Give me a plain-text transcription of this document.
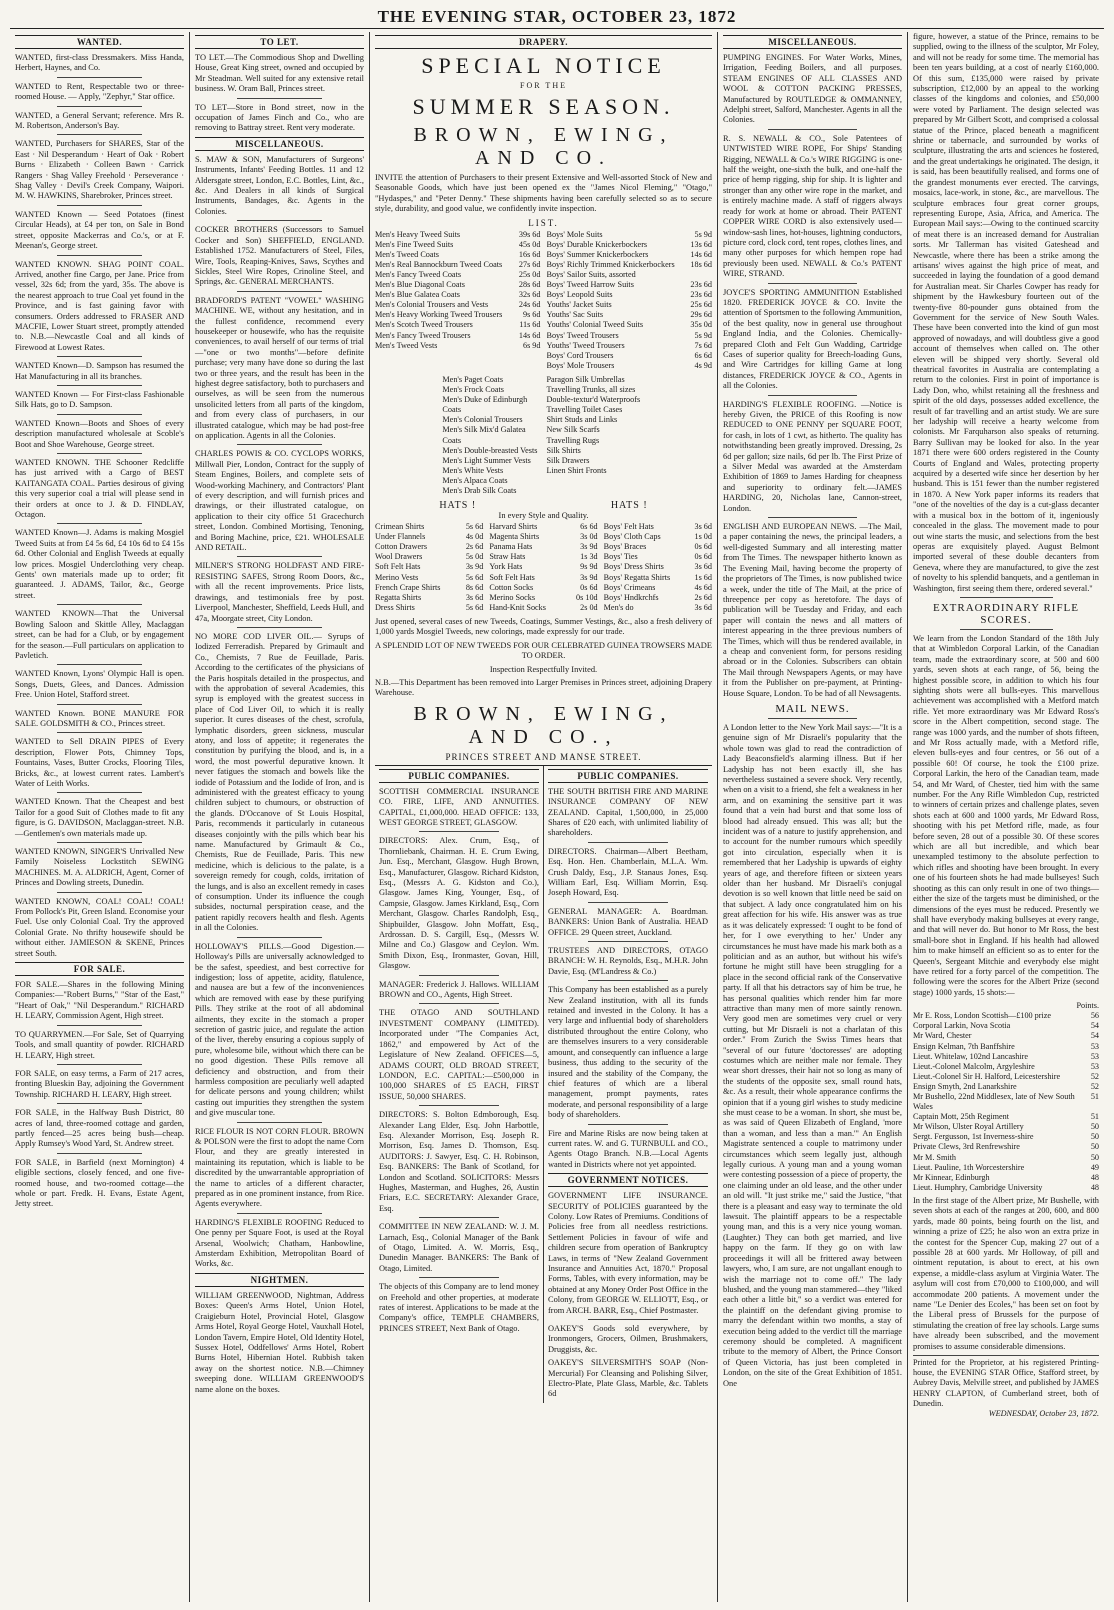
THE EVENING STAR, OCTOBER 23, 1872
WANTED.

WANTED, first-class Dressmakers. Miss Handa, Herbert, Haynes, and Co.

WANTED to Rent, Respectable two or three-roomed House. — Apply, "Zephyr," Star office.

WANTED, a General Servant; reference. Mrs R. M. Robertson, Anderson's Bay.

WANTED, Purchasers for SHARES, Star of the East · Nil Desperandum · Heart of Oak · Robert Burns · Elizabeth · Colleen Bawn · Carrick Rangers · Shag Valley Freehold · Perseverance · Shag Valley · Devil's Creek Company, Waipori. M. W. HAWKINS, Sharebroker, Princes street.

WANTED Known — Seed Potatoes (finest Circular Heads), at £4 per ton, on Sale in Bond street, opposite Mackerras and Co.'s, or at F. Meenan's, George street.

WANTED KNOWN. SHAG POINT COAL. Arrived, another fine Cargo, per Jane. Price from vessel, 32s 6d; from the yard, 35s. The above is the nearest approach to true Coal yet found in the Province, and is fast gaining favor with consumers. Orders addressed to FRASER AND MACFIE, Lower Stuart street, promptly attended to. N.B.—Newcastle Coal and all kinds of Firewood at Lowest Rates.

WANTED Known—D. Sampson has resumed the Hat Manufacturing in all its branches.

WANTED Known — For First-class Fashionable Silk Hats, go to D. Sampson.

WANTED Known—Boots and Shoes of every description manufactured wholesale at Scoble's Boot and Shoe Warehouse, George street.

WANTED KNOWN. THE Schooner Redcliffe has just arrived with a Cargo of BEST KAITANGATA COAL. Parties desirous of giving this very superior coal a trial will please send in their orders at once to J. & D. FINDLAY, Octagon.

WANTED Known—J. Adams is making Mosgiel Tweed Suits at from £4 5s 6d, £4 10s 6d to £4 15s 6d. Other Colonial and English Tweeds at equally low prices. Mosgiel Underclothing very cheap. Gents' own materials made up to order; fit guaranteed. J. ADAMS, Tailor, &c., George street.

WANTED KNOWN—That the Universal Bowling Saloon and Skittle Alley, Maclaggan street, can be had for a Club, or by engagement for the season.—Full particulars on application to Pavletich.

WANTED Known, Lyons' Olympic Hall is open. Songs, Duets, Glees, and Dances. Admission Free. Union Hotel, Stafford street.

WANTED Known. BONE MANURE FOR SALE. GOLDSMITH & CO., Princes street.

WANTED to Sell DRAIN PIPES of Every description, Flower Pots, Chimney Tops, Fountains, Vases, Butter Crocks, Flooring Tiles, Bricks, &c., at lowest current rates. Lambert's Water of Leith Works.

WANTED Known. That the Cheapest and best Tailor for a good Suit of Clothes made to fit any figure, is G. DAVIDSON, Maclaggan-street. N.B.—Gentlemen's own materials made up.

WANTED KNOWN, SINGER'S Unrivalled New Family Noiseless Lockstitch SEWING MACHINES. M. A. ALDRICH, Agent, Corner of Princes and Dowling streets, Dunedin.

WANTED KNOWN, COAL! COAL! COAL! From Pollock's Pit, Green Island. Economise your Fuel. Use only Colonial Coal. Try the approved Colonial Grate. No thrifty housewife should be without either. JAMIESON & SKENE, Princes street South.

FOR SALE.

FOR SALE.—Shares in the following Mining Companies:—"Robert Burns," "Star of the East," "Heart of Oak," "Nil Desperandum." RICHARD H. LEARY, Commission Agent, High street.

TO QUARRYMEN.—For Sale, Set of Quarrying Tools, and small quantity of powder. RICHARD H. LEARY, High street.

FOR SALE, on easy terms, a Farm of 217 acres, fronting Blueskin Bay, adjoining the Government Township. RICHARD H. LEARY, High street.

FOR SALE, in the Halfway Bush District, 80 acres of land, three-roomed cottage and garden, partly fenced—25 acres being bush—cheap. Apply Rumsey's Wood Yard, St. Andrew street.

FOR SALE, in Barfield (next Mornington) 4 eligible sections, closely fenced, and one five-roomed house, and two-roomed cottage—the whole or part. Fredk. H. Evans, Estate Agent, Jetty street.

TO LET.

TO LET.—The Commodious Shop and Dwelling House, Great King street, owned and occupied by Mr Steadman. Well suited for any extensive retail business. W. Oram Ball, Princes street.

TO LET—Store in Bond street, now in the occupation of James Finch and Co., who are removing to Battray street. Rent very moderate.

MISCELLANEOUS.

S. MAW & SON, Manufacturers of Surgeons' Instruments, Infants' Feeding Bottles. 11 and 12 Aldersgate street, London, E.C. Bottles, Lint, &c., &c. And Dealers in all kinds of Surgical Instruments, Bandages, &c. Agents in the Colonies.

COCKER BROTHERS (Successors to Samuel Cocker and Son) SHEFFIELD, ENGLAND. Established 1752. Manufacturers of Steel, Files, Wire, Tools, Reaping-Knives, Saws, Scythes and Sickles, Steel Wire Ropes, Crinoline Steel, and Springs, &c. GENERAL MERCHANTS.

BRADFORD'S PATENT "VOWEL" WASHING MACHINE. WE, without any hesitation, and in the fullest confidence, recommend every housekeeper or housewife, who has the requisite conveniences, to avail herself of our terms of trial—"one or two months"—before definite purchase; very many have done so during the last two or three years, and the result has been in the highest degree satisfactory, both to purchasers and ourselves, as will be seen from the numerous unsolicited letters from all parts of the kingdom, and from every class of purchasers, in our illustrated catalogue, which may be had post-free on application. Agents in all the Colonies.

CHARLES POWIS & CO. CYCLOPS WORKS, Millwall Pier, London, Contract for the supply of Steam Engines, Boilers, and complete sets of Wood-working Machinery, and Contractors' Plant of every description, and will furnish prices and drawings, or their illustrated catalogue, on application to their city office 51 Gracechurch street, London. Combined Mortising, Tenoning, and Boring Machine, price, £21. WHOLESALE AND RETAIL.

MILNER'S STRONG HOLDFAST AND FIRE-RESISTING SAFES, Strong Room Doors, &c., with all the recent improvements. Price lists, drawings, and testimonials free by post. Liverpool, Manchester, Sheffield, Leeds Hull, and 47a, Moorgate street, City London.

NO MORE COD LIVER OIL.— Syrups of Iodized Ferreradish. Prepared by Grimault and Co., Chemists, 7 Rue de Feuillade, Paris. According to the certificates of the physicians of the Paris hospitals detailed in the prospectus, and with the approbation of several Academies, this syrup is employed with the greatest success in place of Cod Liver Oil, to which it is really superior. It cures diseases of the chest, scrofula, lymphatic disorders, green sickness, muscular atony, and loss of appetite; it regenerates the constitution by purifying the blood, and is, in a word, the most powerful depurative known. It never fatigues the stomach and bowels like the iodide of Potassium and the Iodide of Iron, and is administered with the greatest efficacy to young children subject to chumours, or obstruction of the glands. D'Occanove of St Louis Hospital, Paris, recommends it particularly in cutaneous diseases conjointly with the pills which bear his name. Manufactured by Grimault & Co., Chemists, Rue de Feuillade, Paris. This new medicine, which is delicious to the palate, is a sovereign remedy for cough, colds, irritation of the lungs, and is also an excellent remedy in cases of consumption. Under its influence the cough subsides, nocturnal perspiration cease, and the patient rapidly recovers health and flesh. Agents in all the Colonies.

HOLLOWAY'S PILLS.—Good Digestion.—Holloway's Pills are universally acknowledged to be the safest, speediest, and best corrective for indigestion; loss of appetite, acidity, flatulence, and nausea are but a few of the inconveniences which are removed with ease by these purifying Pills. They strike at the root of all abdominal ailments, they excite in the stomach a proper secretion of gastric juice, and regulate the action of the liver, thereby ensuring a copious supply of pure, wholesome bile, without which there can be no good digestion. These Pills remove all deficiency and obstruction, and from their harmless composition are peculiarly well adapted for delicate persons and young children; whilst casting out impurities they strengthen the system and give muscular tone.

RICE FLOUR IS NOT CORN FLOUR. BROWN & POLSON were the first to adopt the name Corn Flour, and they are greatly interested in maintaining its reputation, which is liable to be discredited by the unwarrantable appropriation of the name to articles of a different character, prepared as in one prominent instance, from Rice. Agents everywhere.

HARDING'S FLEXIBLE ROOFING Reduced to One penny per Square Foot, is used at the Royal Arsenal, Woolwich; Chatham, Hanbowline, Amsterdam Exhibition, Metropolitan Board of Works, &c.

NIGHTMEN.

WILLIAM GREENWOOD, Nightman, Address Boxes: Queen's Arms Hotel, Union Hotel, Craigieburn Hotel, Provincial Hotel, Glasgow Arms Hotel, Royal George Hotel, Vauxhall Hotel, London Tavern, Empire Hotel, Old Identity Hotel, Sussex Hotel, Oddfellows' Arms Hotel, Robert Burns Hotel, Hibernian Hotel. Rubbish taken away on the shortest notice. N.B.—Chimney sweeping done. WILLIAM GREENWOOD'S name alone on the boxes.

DRAPERY.
SPECIAL NOTICE
FOR THE
SUMMER SEASON.
BROWN, EWING, AND CO.

INVITE the attention of Purchasers to their present Extensive and Well-assorted Stock of New and Seasonable Goods, which have just been opened ex the "James Nicol Fleming," "Otago," "Hydaspes," and "Peter Denny." These shipments having been carefully selected so as to secure style, durability, and good value, we confidently invite inspection.

LIST.
Men's Heavy Tweed Suits	39s 6d
Men's Fine Tweed Suits	45s 0d
Men's Tweed Coats	16s 6d
Men's Real Bannockburn Tweed Coats 27s 6d
Men's Fancy Tweed Coats	25s 0d
Men's Blue Diagonal Coats	28s 6d
Men's Blue Galatea Coats	32s 6d
Men's Colonial Trousers and Vests	24s 6d
Men's Heavy Working Tweed Trousers	9s 6d
Men's Scotch Tweed Trousers	11s 6d
Men's Fancy Tweed Trousers	14s 6d
Men's Tweed Vests	6s 9d
Boys' Mole Suits	5s 9d
Boys' Durable Knickerbockers	13s 6d
Boys' Summer Knickerbockers	14s 6d
Boys' Richly Trimmed Knickerbockers 18s 6d
Boys' Sailor Suits, assorted
Boys' Tweed Harrow Suits	23s 6d
Boys' Leopold Suits	23s 6d
Youths' Jacket Suits	25s 6d
Youths' Sac Suits	29s 6d
Youths' Colonial Tweed Suits	35s 0d
Boys' Tweed Trousers	5s 9d
Youths' Tweed Trousers	7s 6d
Boys' Cord Trousers	6s 6d
Boys' Mole Trousers	4s 9d
Men's Paget Coats
Men's Frock Coats
Men's Duke of Edinburgh Coats
Men's Colonial Trousers
Men's Silk Mix'd Galatea Coats
Men's Double-breasted Vests
Men's Light Summer Vests
Men's White Vests
Men's Alpaca Coats
Men's Drab Silk Coats
Paragon Silk Umbrellas
Travelling Trunks, all sizes
Double-textur'd Waterproofs
Travelling Toilet Cases
Shirt Studs and Links
New Silk Scarfs
Travelling Rugs
Silk Shirts
Silk Drawers
Linen Shirt Fronts
HATS !	HATS !
In every Style and Quality.
Crimean Shirts	5s 6d
Under Flannels	4s 0d
Cotton Drawers	2s 6d
Wool Drawers	5s 0d
Soft Felt Hats	3s 9d
Merino Vests	5s 6d
French Crape Shirts	8s 6d
Regatta Shirts	3s 6d
Dress Shirts	5s 6d
Harvard Shirts	6s 6d
Magenta Shirts	3s 0d
Panama Hats	3s 9d
Straw Hats	1s 3d
York Hats	9s 9d
Soft Felt Hats	3s 9d
Cotton Socks	0s 6d
Merino Socks	0s 10d
Hand-Knit Socks	2s 0d
Boys' Felt Hats	3s 6d
Boys' Cloth Caps	1s 0d
Boys' Braces	0s 6d
Boys' Ties	0s 6d
Boys' Dress Shirts	3s 6d
Boys' Regatta Shirts	1s 6d
Boys' Crimeans	4s 6d
Boys' Hndkrchfs	2s 6d
Men's do	3s 6d

Just opened, several cases of new Tweeds, Coatings, Summer Vestings, &c., also a fresh delivery of 1,000 yards Mosgiel Tweeds, new colorings, made expressly for our trade.

A SPLENDID LOT OF NEW TWEEDS FOR OUR CELEBRATED GUINEA TROWSERS MADE TO ORDER.

Inspection Respectfully Invited.

N.B.—This Department has been removed into Larger Premises in Princes street, adjoining Drapery Warehouse.

BROWN, EWING, AND CO.,
PRINCES STREET AND MANSE STREET.
PUBLIC COMPANIES.

SCOTTISH COMMERCIAL INSURANCE CO. FIRE, LIFE, AND ANNUITIES. CAPITAL, £1,000,000. HEAD OFFICE: 133, WEST GEORGE STREET, GLASGOW.

DIRECTORS: Alex. Crum, Esq., of Thornliebank, Chairman. H. E. Crum Ewing, Jun. Esq., Merchant, Glasgow. Hugh Brown, Esq., Manufacturer, Glasgow. Richard Kidston, Esq., (Messrs A. G. Kidston and Co.), Glasgow. James King, Younger, Esq., of Campsie, Glasgow. James Kirkland, Esq., Corn Merchant, Glasgow. Charles Randolph, Esq., Shipbuilder, Glasgow. John Moffatt, Esq., Ardrossan. D. S. Cargill, Esq., (Messrs W. Milne and Co.) Glasgow and Ceylon. Wm. Smith Dixon, Esq., Ironmaster, Govan, Hill, Glasgow.

MANAGER: Frederick J. Hallows. WILLIAM BROWN and CO., Agents, High Street.

THE OTAGO AND SOUTHLAND INVESTMENT COMPANY (LIMITED). Incorporated under "The Companies Act, 1862," and empowered by Act of the Legislature of New Zealand. OFFICES—5, ADAMS COURT, OLD BROAD STREET, LONDON, E.C. CAPITAL:—£500,000 in 100,000 SHARES of £5 EACH, FIRST ISSUE, 50,000 SHARES.

DIRECTORS: S. Bolton Edmborough, Esq. Alexander Lang Elder, Esq. John Harbottle, Esq. Alexander Morrison, Esq. Joseph R. Morrison, Esq. James D. Thomson, Esq. AUDITORS: J. Sawyer, Esq. C. H. Robinson, Esq. BANKERS: The Bank of Scotland, for London and Scotland. SOLICITORS: Messrs Hughes, Masterman, and Hughes, 26, Austin Friars, E.C. SECRETARY: Alexander Grace, Esq.

COMMITTEE IN NEW ZEALAND: W. J. M. Larnach, Esq., Colonial Manager of the Bank of Otago, Limited. A. W. Morris, Esq., Dunedin Manager. BANKERS: The Bank of Otago, Limited.

The objects of this Company are to lend money on Freehold and other properties, at moderate rates of interest. Applications to be made at the Company's office, TEMPLE CHAMBERS, PRINCES STREET, Next Bank of Otago.

PUBLIC COMPANIES.

THE SOUTH BRITISH FIRE AND MARINE INSURANCE COMPANY OF NEW ZEALAND. Capital, 1,500,000, in 25,000 Shares of £20 each, with unlimited liability of shareholders.

DIRECTORS. Chairman—Albert Beetham, Esq. Hon. Hen. Chamberlain, M.L.A. Wm. Crush Daldy, Esq., J.P. Stanaus Jones, Esq. William Earl, Esq. William Morrin, Esq. Joseph Howard, Esq.

GENERAL MANAGER: A. Boardman. BANKERS: Union Bank of Australia. HEAD OFFICE. 29 Queen street, Auckland.

TRUSTEES AND DIRECTORS, OTAGO BRANCH: W. H. Reynolds, Esq., M.H.R. John Davie, Esq. (M'Landress & Co.)

This Company has been established as a purely New Zealand institution, with all its funds retained and invested in the Colony. It has a very large and influential body of shareholders distributed throughout the entire Colony, who are themselves insurers to a very considerable amount, and consequently can influence a large business, thus adding to the security of the insured and the stability of the Company, the chief features of which are a liberal management, prompt payments, rates moderate, and personal responsibility of a large body of shareholders.

Fire and Marine Risks are now being taken at current rates. W. and G. TURNBULL and CO., Agents Otago Branch. N.B.—Local Agents wanted in Districts where not yet appointed.

GOVERNMENT NOTICES.

GOVERNMENT LIFE INSURANCE. SECURITY of POLICIES guaranteed by the Colony. Low Rates of Premiums. Conditions of Policies free from all needless restrictions. Settlement Policies in favour of wife and children secure from operation of Bankruptcy Laws, in terms of "New Zealand Government Insurance and Annuities Act, 1870." Proposal Forms, Tables, with every information, may be obtained at any Money Order Post Office in the Colony, from GEORGE W. ELLIOTT, Esq., or from ARCH. BARR, Esq., Chief Postmaster.

OAKEY'S Goods sold everywhere, by Ironmongers, Grocers, Oilmen, Brushmakers, Druggists, &c.

OAKEY'S SILVERSMITH'S SOAP (Non-Mercurial) For Cleansing and Polishing Silver, Electro-Plate, Plate Glass, Marble, &c. Tablets 6d

MISCELLANEOUS.

PUMPING ENGINES. For Water Works, Mines, Irrigation, Feeding Boilers, and all purposes. STEAM ENGINES OF ALL CLASSES AND WOOL & COTTON PACKING PRESSES, Manufactured by ROUTLEDGE & OMMANNEY, Adelphi street, Salford, Manchester. Agents in all the Colonies.

R. S. NEWALL & CO., Sole Patentees of UNTWISTED WIRE ROPE, For Ships' Standing Rigging, NEWALL & Co.'s WIRE RIGGING is one-half the weight, one-sixth the bulk, and one-half the price of hemp rigging, ship for ship. It is lighter and stronger than any other wire rope in the market, and is entirely machine made. A staff of riggers always ready for work at home or abroad. Their PATENT COPPER WIRE CORD is also extensively used—window-sash lines, hot-houses, lightning conductors, picture cord, clock cord, tent ropes, clothes lines, and many other purposes for which hempen rope had previously been used. NEWALL & Co.'s PATENT WIRE, STRAND.

JOYCE'S SPORTING AMMUNITION Established 1820. FREDERICK JOYCE & CO. Invite the attention of Sportsmen to the following Ammunition, of the best quality, now in general use throughout England India, and the Colonies. Chemically-prepared Cloth and Felt Gun Wadding, Cartridge Cases of superior quality for Breech-loading Guns, and Wire Cartridges for killing Game at long distances, FREDERICK JOYCE & CO., Agents in all the Colonies.

HARDING'S FLEXIBLE ROOFING. —Notice is hereby Given, the PRICE of this Roofing is now REDUCED to ONE PENNY per SQUARE FOOT, for cash, in lots of 1 cwt, as hitherto. The quality has notwithstanding been greatly improved. Dressing, 2s 6d per gallon; size nails, 6d per lb. The First Prize of a Silver Medal was awarded at the Amsterdam Exhibition of 1869 to James Harding for cheapness and superiority to ordinary felt.—JAMES HARDING, 20, Nicholas lane, Cannon-street, London.

ENGLISH AND EUROPEAN NEWS. —The Mail, a paper containing the news, the principal leaders, a well-digested Summary and all interesting matter from The Times. The newspaper hitherto known as The Evening Mail, having become the property of the proprietors of The Times, is now published twice a week, under the title of The Mail, at the price of threepence per copy as heretofore. The days of publication will be Tuesday and Friday, and each paper will contain the news and all matters of interest appearing in the three previous numbers of The Times, which will thus be rendered available, in a cheap and convenient form, for persons residing abroad or in the Colonies. Subscribers can obtain The Mail through Newspapers Agents, or may have it from the Publisher on pre-payment, at Printing-House Square, London. To be had of all Newsagents.

MAIL NEWS.

A London letter to the New York Mail says:—"It is a genuine sign of Mr Disraeli's popularity that the whole town was glad to read the contradiction of Lady Beaconsfield's alarming illness. But if her Ladyship has not been exactly ill, she has nevertheless sustained a severe shock. Very recently, when on a visit to a friend, she felt a weakness in her arm, and on examining the sensitive part it was found that a vein had burst and that some loss of blood had already ensued. This was all; but the incident was of a nature to justify apprehension, and to account for the number rumours which speedily got into circulation, especially when it is remembered that her Ladyship is upwards of eighty years of age, and therefore fifteen or sixteen years older than her husband. Mr Disraeli's conjugal devotion is so well known that little need be said on that subject. A lady once congratulated him on his great affection for his wife. His answer was as true as it was delicately expressed: 'I ought to be fond of her, for I owe everything to her.' Under any circumstances he must have made his mark both as a politician and as an author, but without his wife's fortune he might still have been struggling for a place in the second official rank of the Conservative party. If all that his detractors say of him be true, he has personal qualities which render him far more attractive than many men of more saintly renown. Very good men are sometimes very cruel or very cutting, but Mr Disraeli is not a charlatan of this order." From Zurich the Swiss Times hears that "several of our future 'doctoresses' are adopting costumes which are neither male nor female. They wear short dresses, their hair not so long as many of the students of the opposite sex, small round hats, &c. As a result, their whole appearance confirms the opinion that if a young girl wishes to study medicine she must cease to be a woman. In short, she must be, as was said of Queen Elizabeth of England, 'more than a woman, and less than a man.'" An English Magistrate sentenced a couple to matrimony under circumstances which seem legally just, although legally curious. A young man and a young woman were contesting possession of a piece of property, the one claiming under an old lease, and the other under an old will. "It just strike me," said the Justice, "that there is a pleasant and easy way to terminate the old lawsuit. The plaintiff appears to be a respectable young man, and this is a very nice young woman. (Laughter.) They can both get married, and live happy on the farm. If they go on with law proceedings it will all be frittered away between lawyers, who, I am sure, are not ungallant enough to wish the marriage not to come off." The lady blushed, and the young man stammered—they "liked each other a little bit," so a verdict was entered for the plaintiff on the defendant giving promise to marry the defendant within two months, a stay of execution being added to the verdict till the marriage ceremony should be completed. A magnificent tribute to the memory of Albert, the Prince Consort of Queen Victoria, has just been completed in London, on the site of the Great Exhibition of 1851. One

figure, however, a statue of the Prince, remains to be supplied, owing to the illness of the sculptor, Mr Foley, and will not be ready for some time. The memorial has been ten years building, at a cost of nearly £160,000. Of this sum, £135,000 were raised by private subscription, £12,000 by an appeal to the working classes of the kingdoms and colonies, and £50,000 were voted by Parliament. The design selected was prepared by Mr Gilbert Scott, and comprised a colossal statue of the Prince, placed beneath a magnificent shrine or tabernacle, and surrounded by works of sculpture, illustrating the arts and sciences he fostered, and the great undertakings he originated. The design, it is said, has been beautifully realised, and forms one of the grandest monuments ever erected. The carvings, mosaics, lace-work, in stone, &c., are marvellous. The sculpture embraces four great corner groups, representing Europe, Asia, Africa, and America. The European Mail says:—Owing to the continued scarcity of meat there is an increased demand for Australian sorts. Mr Tallerman has visited Gateshead and Newcastle, where there has been a strike among the artisans' wives against the high price of meat, and succeeded in laying the foundation of a good demand for Australian meat. Sir Charles Cowper has ready for shipment by the Hawkesbury fourteen out of the twenty-five 80-pounder guns obtained from the Government for the service of New South Wales. These have been converted into the kind of gun most approved of nowadays, and will doubtless give a good account of themselves when called on. The other eleven will be shipped very shortly. Several old theatrical favorites in Australia are contemplating a return to the colonies. First in point of importance is Lady Don, who, whilst retaining all the freshness and spirit of the old days, possesses added excellence, the result of far travelling and an artist study. We are sure her ladyship will receive a hearty welcome from colonists. Mr Farquharson also speaks of returning. Barry Sullivan may be looked for also. In the year 1871 there were 600 orders registered in the County Courts of England and Wales, protecting property acquired by a deserted wife since her desertion by her husband. This is 151 fewer than the number registered in 1870. A New York paper informs its readers that "one of the novelties of the day is a cut-glass decanter with a musical box in the bottom of it, ingeniously concealed in the glass. The movement made to pour out wine starts the music, and selections from the best operas are exquisitely played. August Belmont imported several of these double decanters from Geneva, where they are manufactured, to give the zest of novelty to his splendid banquets, and a gentleman in Washington, first seeing them there, ordered several."

EXTRAORDINARY RIFLE SCORES.

We learn from the London Standard of the 18th July that at Wimbledon Corporal Larkin, of the Canadian team, made the extraordinary score, at 500 and 600 yards, seven shots at each range, of 56, being the highest possible score, in addition to which his four sighting shots were all bulls-eyes. This marvellous achievement was accomplished with a Metford match rifle. Yet more extraordinary was Mr Edward Ross's score in the Albert competition, second stage. The range was 1000 yards, and the number of shots fifteen, and Mr Ross actually made, with a Metford rifle, eleven bulls-eyes and four centres, or 56 out of a possible 60! Of course, he took the £100 prize. Corporal Larkin, the hero of the Canadian team, made 54, and Mr Ward, of Chester, tied him with the same number. For the Any Rifle Wimbledon Cup, restricted to winners of certain prizes and challenge plates, seven shots each at 600 and 1000 yards, Mr Edward Ross, shooting with his pet Metford rifle, made, as four before seven, 28 out of a possible 30. Of these scores which are all but incredible, and which bear unexampled testimony to the absolute perfection to which rifles and shooting have been brought. In every one of his fourteen shots he had made bullseyes! Such shooting as this can only result in one of two things—either the size of the targets must be diminished, or the dimensions of the eyes must be reduced. Presently we shall have everybody making bullseyes at every range, and that will never do. But honor to Mr Ross, the best small-bore shot in England. If his health had allowed him to make himself an efficient so as to enter for the Queen's, Sergeant Mitchie and everybody else might have retired for a forty parcel of the competition. The following were the scores for the Albert Prize (second stage) 1000 yards, 15 shots:—

Points.
Mr E. Ross, London Scottish—£100 prize	56
Corporal Larkin, Nova Scotia	54
Mr Ward, Chester	54
Ensign Kelman, 7th Banffshire	53
Lieut. Whitelaw, 102nd Lancashire	53
Lieut.-Colonel Malcolm, Argyleshire	53
Lieut.-Colonel Sir H. Halford, Leicestershire	52
Ensign Smyth, 2nd Lanarkshire	52
Mr Bushello, 22nd Middlesex, late of New South Wales
51
Captain Mott, 25th Regiment	51
Mr Wilson, Ulster Royal Artillery	50
Sergt. Fergusson, 1st Inverness-shire	50
Private Clews, 3rd Renfrewshire	50
Mr M. Smith	50
Lieut. Pauline, 1th Worcestershire	49
Mr Kinnear, Edinburgh	48
Lieut. Humphry, Cambridge University	48

In the first stage of the Albert prize, Mr Bushelle, with seven shots at each of the ranges at 200, 600, and 800 yards, made 80 points, being fourth on the list, and winning a prize of £25; he also won an extra prize in the contest for the Spencer Cup, making 27 out of a possible 28 at 600 yards. Mr Holloway, of pill and ointment reputation, is about to erect, at his own expense, a middle-class asylum at Virginia Water. The asylum will cost from £70,000 to £100,000, and will accommodate 200 patients. A movement under the name "Le Denier des Ecoles," has been set on foot by the Liberal press of Brussels for the purpose of stimulating the creation of free lay schools. Large sums have already been subscribed, and the movement promises to assume considerable dimensions.

Printed for the Proprietor, at his registered Printing-house, the EVENING STAR Office, Stafford street, by Aubrey Davis, Melville street, and published by JAMES HENRY CLAPTON, of Cumberland street, both of Dunedin.
WEDNESDAY, October 23, 1872.
